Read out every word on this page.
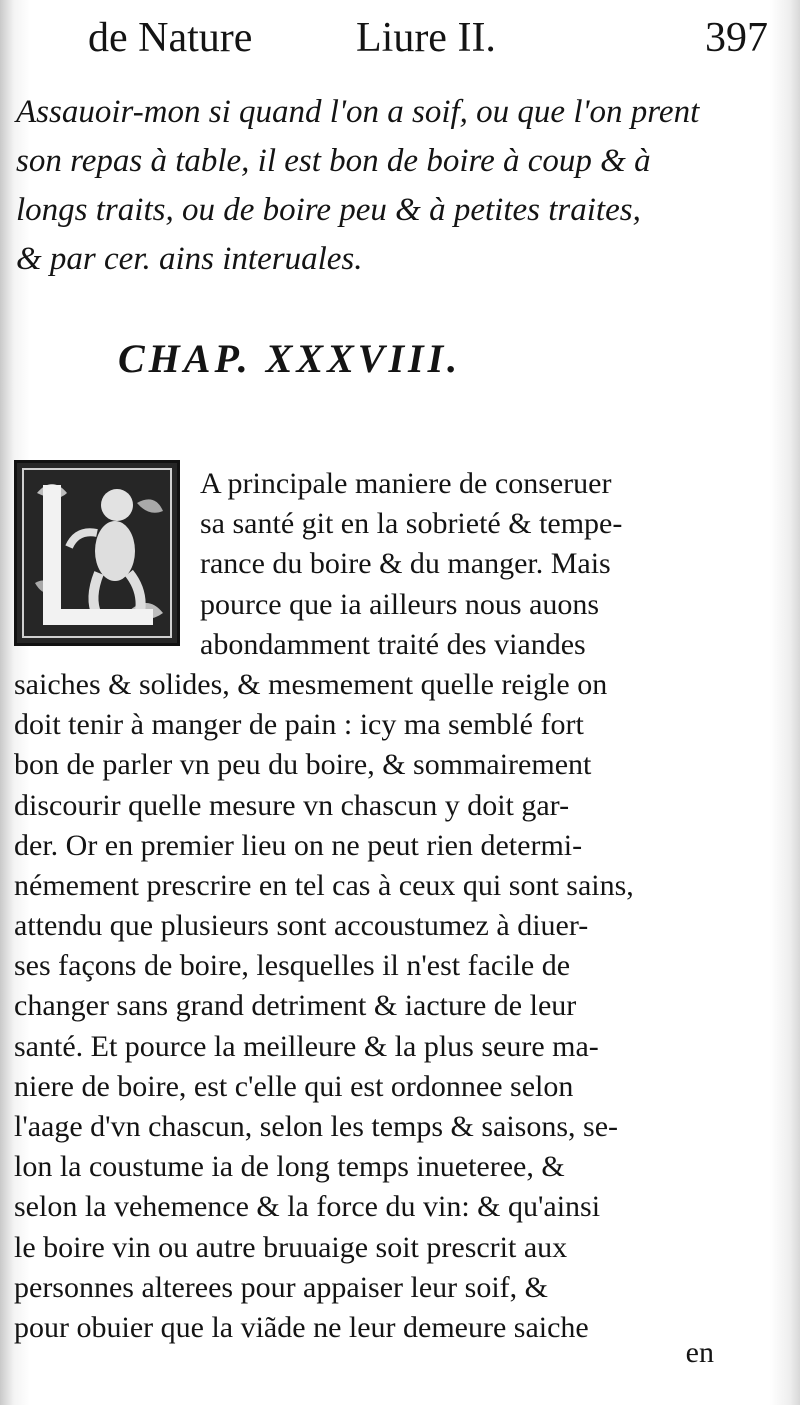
de Nature Liure II.	397
Assauoir-mon si quand l'on a soif, ou que l'on prent
son repas à table, il est bon de boire à coup & à
longs traits, ou de boire peu & à petites traites,
& par cer. ains interuales.
CHAP. XXXVIII.
L
A principale maniere de conseruer
sa santé git en la sobrieté & tempe-
rance du boire & du manger. Mais
pource que ia ailleurs nous auons
abondamment traité des viandes
saiches & solides, & mesmement quelle reigle on
doit tenir à manger de pain : icy ma semblé fort
bon de parler vn peu du boire, & sommairement
discourir quelle mesure vn chascun y doit gar-
der. Or en premier lieu on ne peut rien determi-
némement prescrire en tel cas à ceux qui sont sains,
attendu que plusieurs sont accoustumez à diuer-
ses façons de boire, lesquelles il n'est facile de
changer sans grand detriment & iacture de leur
santé. Et pource la meilleure & la plus seure ma-
niere de boire, est c'elle qui est ordonnee selon
l'aage d'vn chascun, selon les temps & saisons, se-
lon la coustume ia de long temps inueteree, &
selon la vehemence & la force du vin: & qu'ainsi
le boire vin ou autre bruuaige soit prescrit aux
personnes alterees pour appaiser leur soif, &
pour obuier que la viãde ne leur demeure saiche
en
